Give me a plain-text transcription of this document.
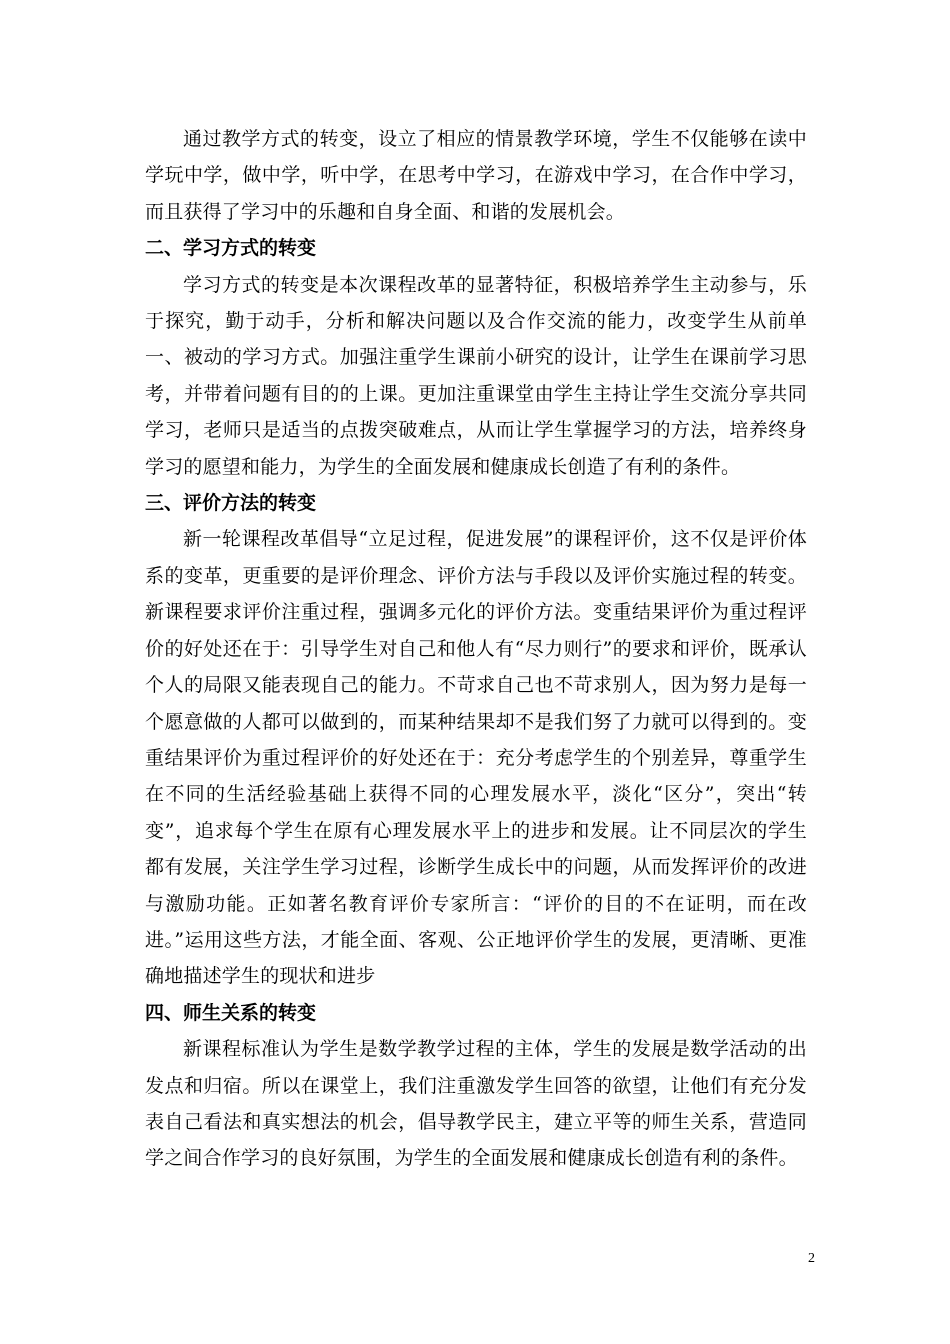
通过教学方式的转变，设立了相应的情景教学环境，学生不仅能够在读中学玩中学，做中学，听中学，在思考中学习，在游戏中学习，在合作中学习，而且获得了学习中的乐趣和自身全面、和谐的发展机会。

二、学习方式的转变

学习方式的转变是本次课程改革的显著特征，积极培养学生主动参与，乐于探究，勤于动手，分析和解决问题以及合作交流的能力，改变学生从前单一、被动的学习方式。加强注重学生课前小研究的设计，让学生在课前学习思考，并带着问题有目的的上课。更加注重课堂由学生主持让学生交流分享共同学习，老师只是适当的点拨突破难点，从而让学生掌握学习的方法，培养终身学习的愿望和能力，为学生的全面发展和健康成长创造了有利的条件。

三、评价方法的转变

新一轮课程改革倡导“立足过程，促进发展”的课程评价，这不仅是评价体系的变革，更重要的是评价理念、评价方法与手段以及评价实施过程的转变。新课程要求评价注重过程，强调多元化的评价方法。变重结果评价为重过程评价的好处还在于：引导学生对自己和他人有“尽力则行”的要求和评价，既承认个人的局限又能表现自己的能力。不苛求自己也不苛求别人，因为努力是每一个愿意做的人都可以做到的，而某种结果却不是我们努了力就可以得到的。变重结果评价为重过程评价的好处还在于：充分考虑学生的个别差异，尊重学生在不同的生活经验基础上获得不同的心理发展水平，淡化“区分”，突出“转变”，追求每个学生在原有心理发展水平上的进步和发展。让不同层次的学生都有发展，关注学生学习过程，诊断学生成长中的问题，从而发挥评价的改进与激励功能。正如著名教育评价专家所言：“评价的目的不在证明，而在改进。”运用这些方法，才能全面、客观、公正地评价学生的发展，更清晰、更准确地描述学生的现状和进步

四、师生关系的转变

新课程标准认为学生是数学教学过程的主体，学生的发展是数学活动的出发点和归宿。所以在课堂上，我们注重激发学生回答的欲望，让他们有充分发表自己看法和真实想法的机会，倡导教学民主，建立平等的师生关系，营造同学之间合作学习的良好氛围，为学生的全面发展和健康成长创造有利的条件。

2
